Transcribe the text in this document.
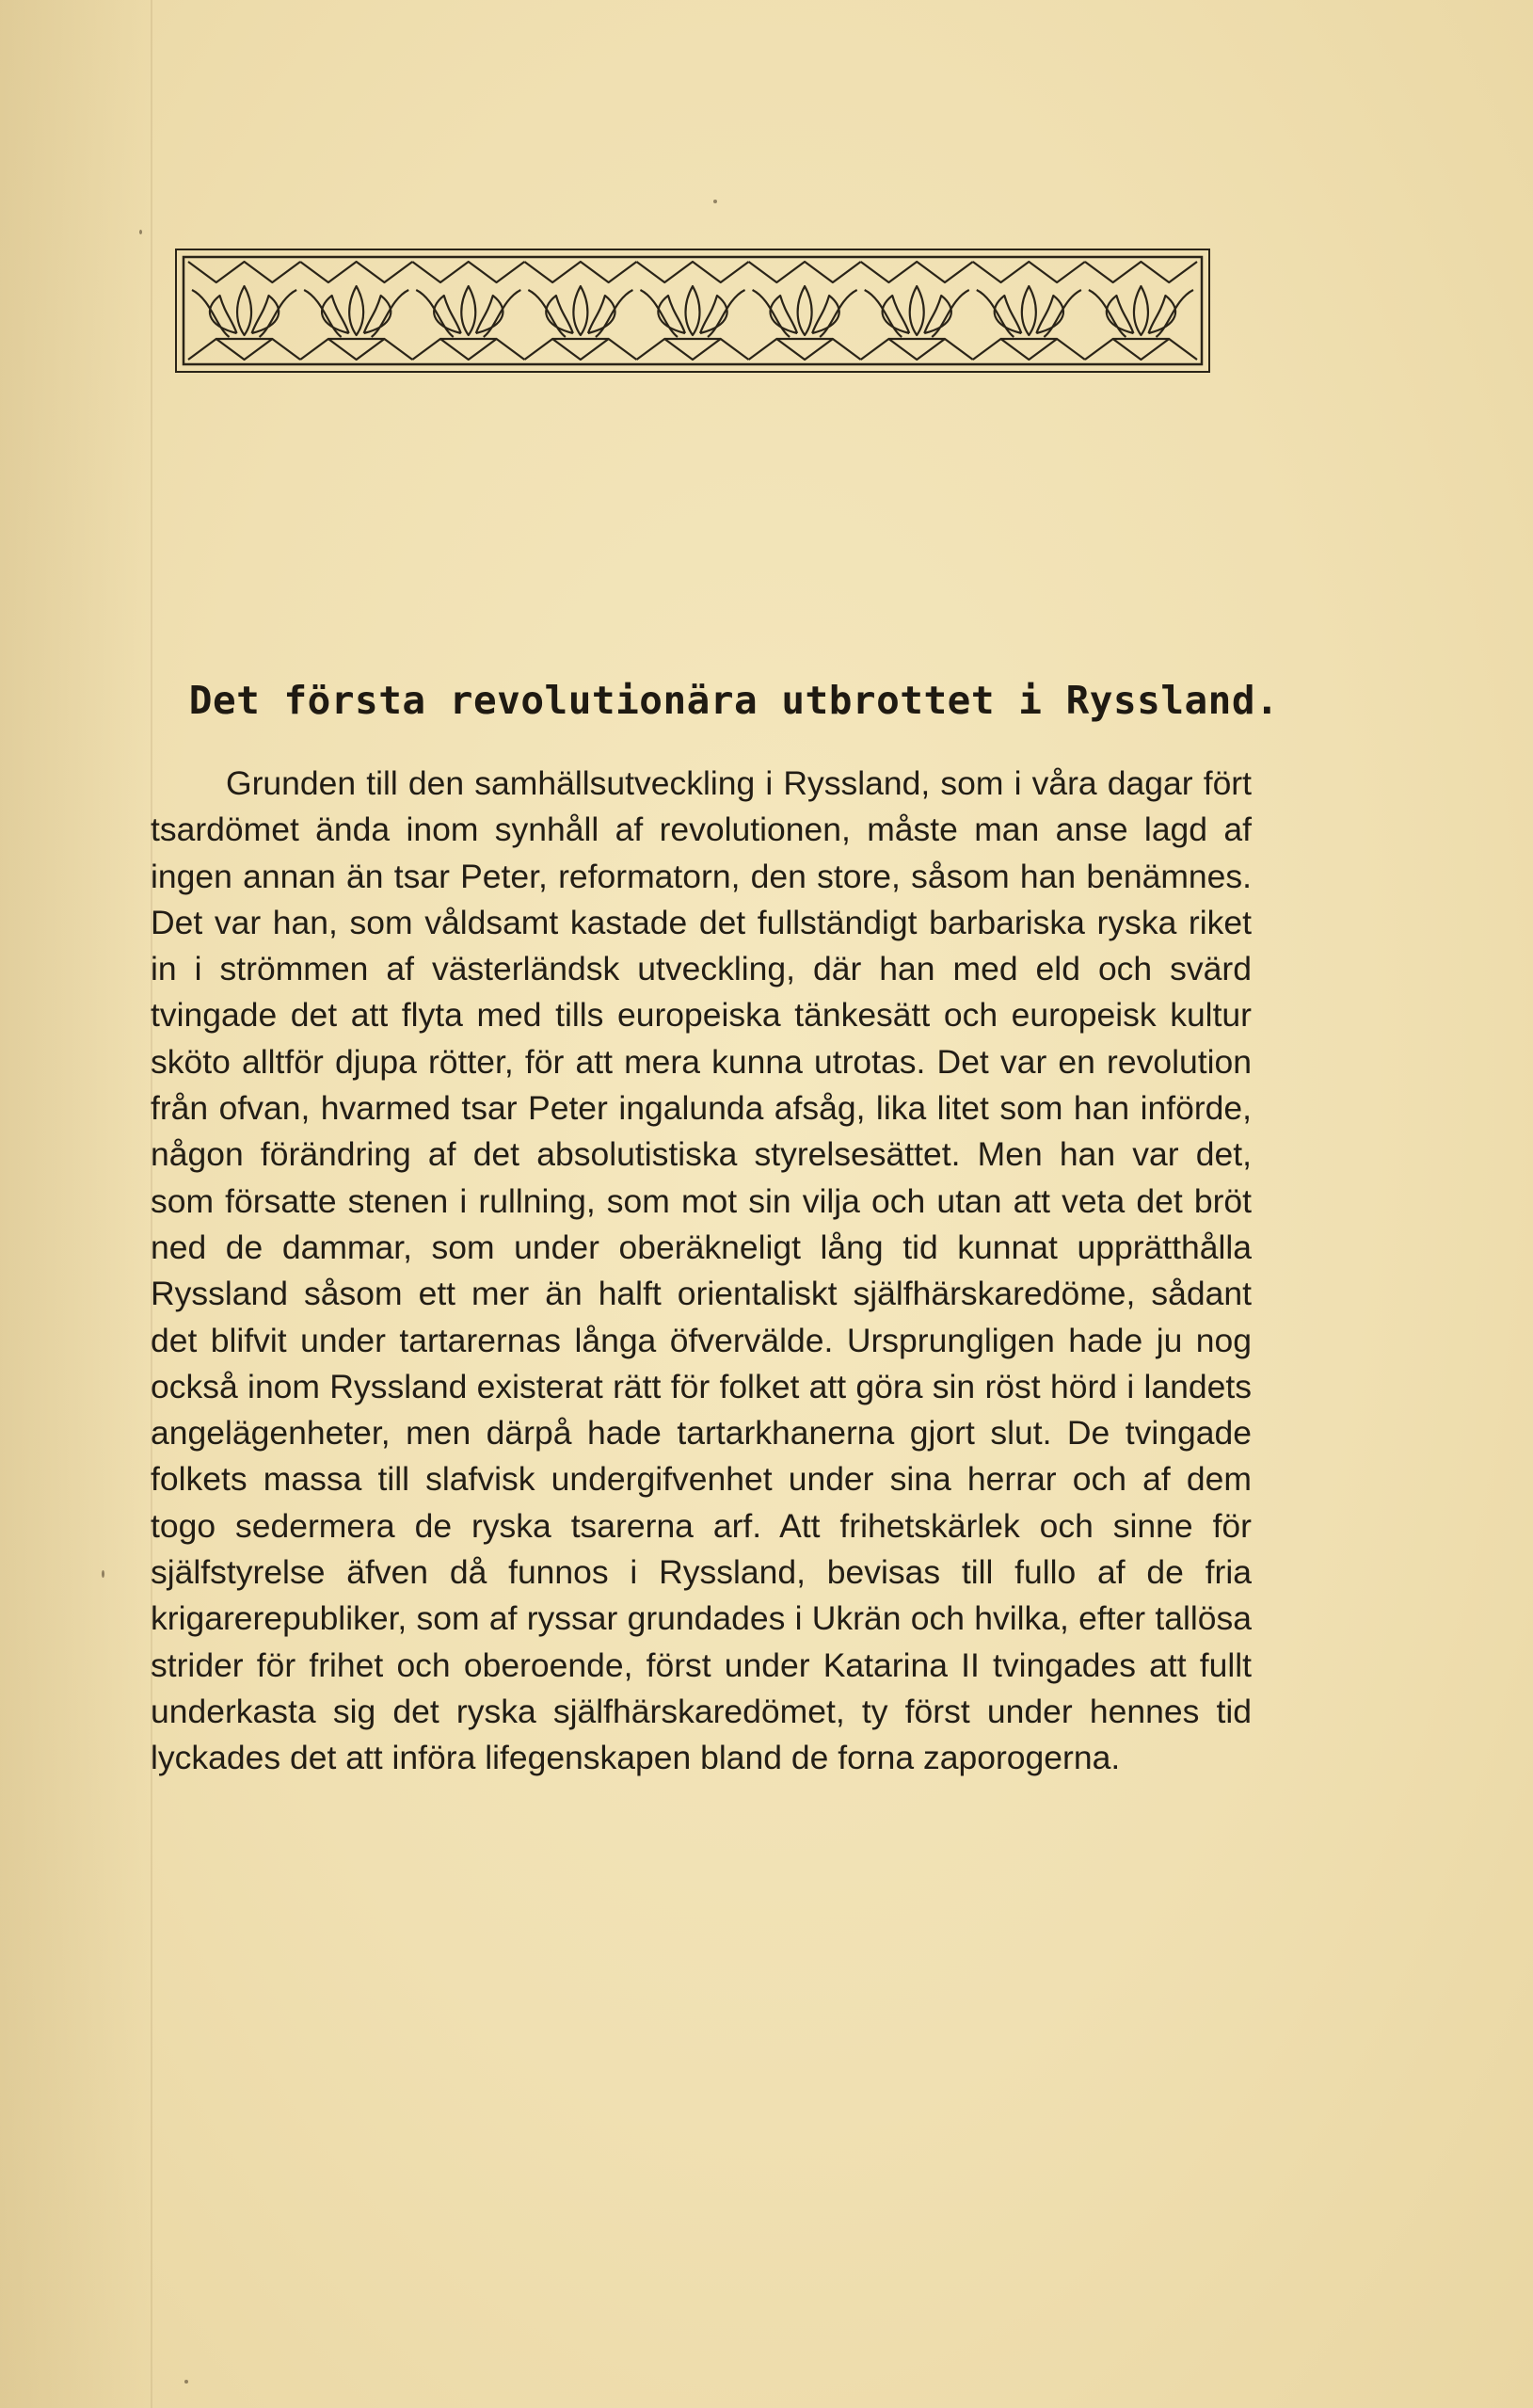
Det första revolutionära utbrottet i Ryssland.

Grunden till den samhällsutveckling i Ryssland, som i våra dagar fört tsardömet ända inom synhåll af revolutionen, måste man anse lagd af ingen annan än tsar Peter, reformatorn, den store, såsom han benämnes. Det var han, som våldsamt kastade det fullständigt barbariska ryska riket in i strömmen af västerländsk utveckling, där han med eld och svärd tvingade det att flyta med tills europeiska tänkesätt och europeisk kultur sköto alltför djupa rötter, för att mera kunna utrotas. Det var en revolution från ofvan, hvarmed tsar Peter ingalunda afsåg, lika litet som han införde, någon förändring af det absolutistiska styrelsesättet. Men han var det, som försatte stenen i rullning, som mot sin vilja och utan att veta det bröt ned de dammar, som under oberäkneligt lång tid kunnat upprätthålla Ryssland såsom ett mer än halft orientaliskt själfhärskaredöme, sådant det blifvit under tartarernas långa öfvervälde. Ursprungligen hade ju nog också inom Ryssland existerat rätt för folket att göra sin röst hörd i landets angelägenheter, men därpå hade tartarkhanerna gjort slut. De tvingade folkets massa till slafvisk undergifvenhet under sina herrar och af dem togo sedermera de ryska tsarerna arf. Att frihetskärlek och sinne för själfstyrelse äfven då funnos i Ryssland, bevisas till fullo af de fria krigarerepubliker, som af ryssar grundades i Ukrän och hvilka, efter tallösa strider för frihet och oberoende, först under Katarina II tvingades att fullt underkasta sig det ryska själfhärskaredömet, ty först under hennes tid lyckades det att införa lifegenskapen bland de forna zaporogerna.
